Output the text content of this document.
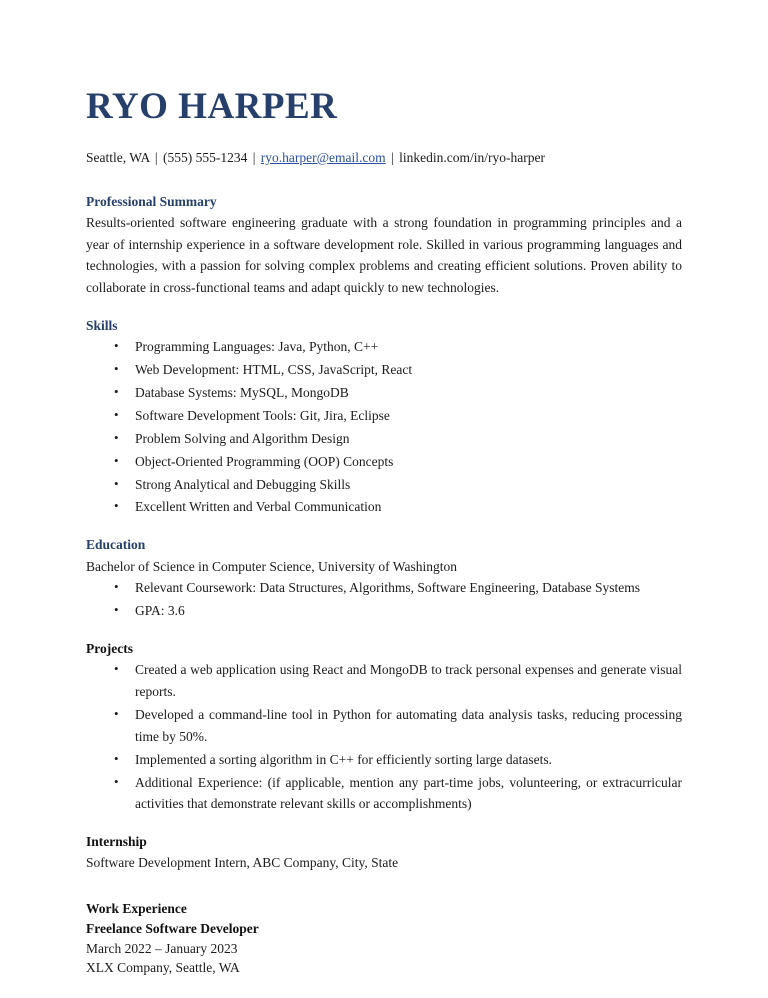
RYO HARPER
Seattle, WA | (555) 555-1234 | ryo.harper@email.com | linkedin.com/in/ryo-harper
Professional Summary

Results-oriented software engineering graduate with a strong foundation in programming principles and a year of internship experience in a software development role. Skilled in various programming languages and technologies, with a passion for solving complex problems and creating efficient solutions. Proven ability to collaborate in cross-functional teams and adapt quickly to new technologies.

Skills
• Programming Languages: Java, Python, C++
• Web Development: HTML, CSS, JavaScript, React
• Database Systems: MySQL, MongoDB
• Software Development Tools: Git, Jira, Eclipse
• Problem Solving and Algorithm Design
• Object-Oriented Programming (OOP) Concepts
• Strong Analytical and Debugging Skills
• Excellent Written and Verbal Communication
Education

Bachelor of Science in Computer Science, University of Washington

• Relevant Coursework: Data Structures, Algorithms, Software Engineering, Database Systems
• GPA: 3.6
Projects
• Created a web application using React and MongoDB to track personal expenses and generate visual reports.
• Developed a command-line tool in Python for automating data analysis tasks, reducing processing time by 50%.
• Implemented a sorting algorithm in C++ for efficiently sorting large datasets.
• Additional Experience: (if applicable, mention any part-time jobs, volunteering, or extracurricular activities that demonstrate relevant skills or accomplishments)
Internship

Software Development Intern, ABC Company, City, State

Work Experience

Freelance Software Developer

March 2022 – January 2023

XLX Company, Seattle, WA
